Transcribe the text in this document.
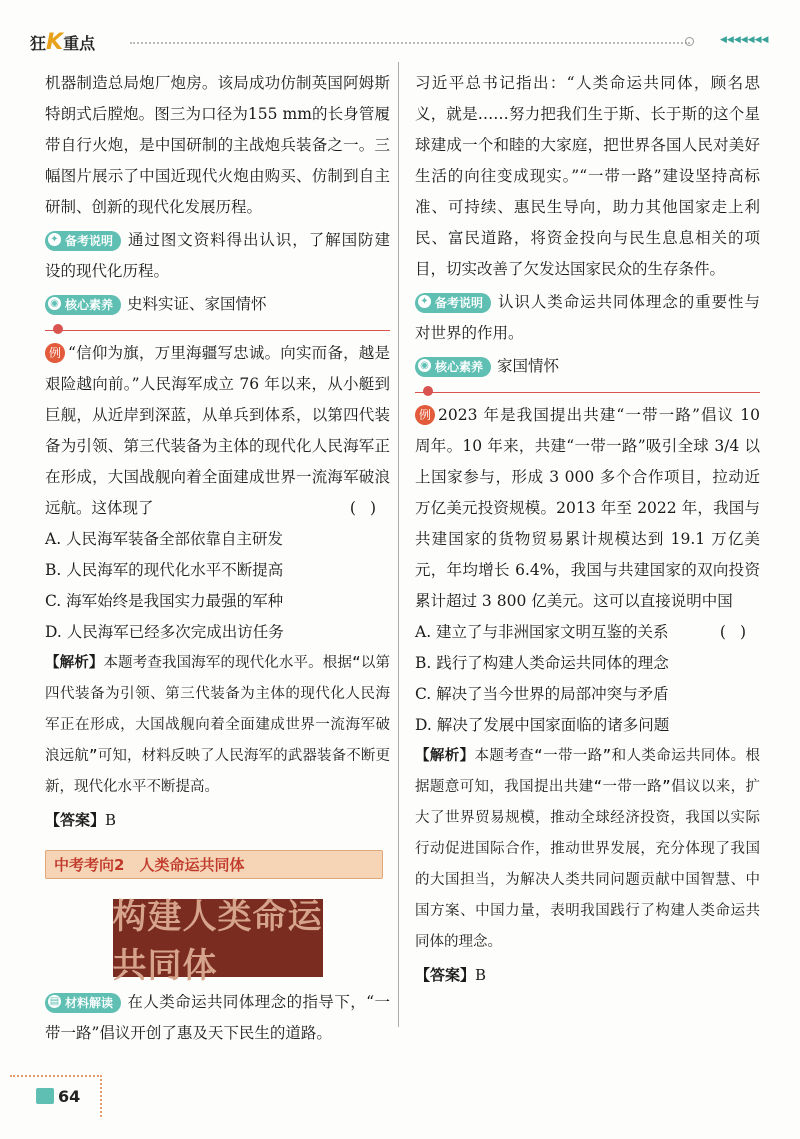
狂K重点	◀◀◀◀◀◀◀

机器制造总局炮厂炮房。该局成功仿制英国阿姆斯特朗式后膛炮。图三为口径为155 mm的长身管履带自行火炮，是中国研制的主战炮兵装备之一。三幅图片展示了中国近现代火炮由购买、仿制到自主研制、创新的现代化发展历程。

✦ 备考说明 通过图文资料得出认识，了解国防建设的现代化历程。

◉ 核心素养 史料实证、家国情怀

例 “信仰为旗，万里海疆写忠诚。向实而备，越是艰险越向前。”人民海军成立 76 年以来，从小艇到巨舰，从近岸到深蓝，从单兵到体系，以第四代装备为引领、第三代装备为主体的现代化人民海军正在形成，大国战舰向着全面建成世界一流海军破浪远航。这体现了	()

A. 人民海军装备全部依靠自主研发

B. 人民海军的现代化水平不断提高

C. 海军始终是我国实力最强的军种

D. 人民海军已经多次完成出访任务

【解析】本题考查我国海军的现代化水平。根据“以第四代装备为引领、第三代装备为主体的现代化人民海军正在形成，大国战舰向着全面建成世界一流海军破浪远航”可知，材料反映了人民海军的武器装备不断更新，现代化水平不断提高。

【答案】B

中考考向2　人类命运共同体
构建人类命运共同体

▤ 材料解读 在人类命运共同体理念的指导下，“一带一路”倡议开创了惠及天下民生的道路。

习近平总书记指出：“人类命运共同体，顾名思义，就是……努力把我们生于斯、长于斯的这个星球建成一个和睦的大家庭，把世界各国人民对美好生活的向往变成现实。”“一带一路”建设坚持高标准、可持续、惠民生导向，助力其他国家走上利民、富民道路，将资金投向与民生息息相关的项目，切实改善了欠发达国家民众的生存条件。

✦ 备考说明 认识人类命运共同体理念的重要性与对世界的作用。

◉ 核心素养 家国情怀

例 2023 年是我国提出共建“一带一路”倡议 10 周年。10 年来，共建“一带一路”吸引全球 3/4 以上国家参与，形成 3 000 多个合作项目，拉动近万亿美元投资规模。2013 年至 2022 年，我国与共建国家的货物贸易累计规模达到 19.1 万亿美元，年均增长 6.4%，我国与共建国家的双向投资累计超过 3 800 亿美元。这可以直接说明中国
()

A. 建立了与非洲国家文明互鉴的关系

B. 践行了构建人类命运共同体的理念

C. 解决了当今世界的局部冲突与矛盾

D. 解决了发展中国家面临的诸多问题

【解析】本题考查“一带一路”和人类命运共同体。根据题意可知，我国提出共建“一带一路”倡议以来，扩大了世界贸易规模，推动全球经济投资，我国以实际行动促进国际合作，推动世界发展，充分体现了我国的大国担当，为解决人类共同问题贡献中国智慧、中国方案、中国力量，表明我国践行了构建人类命运共同体的理念。

【答案】B

64
